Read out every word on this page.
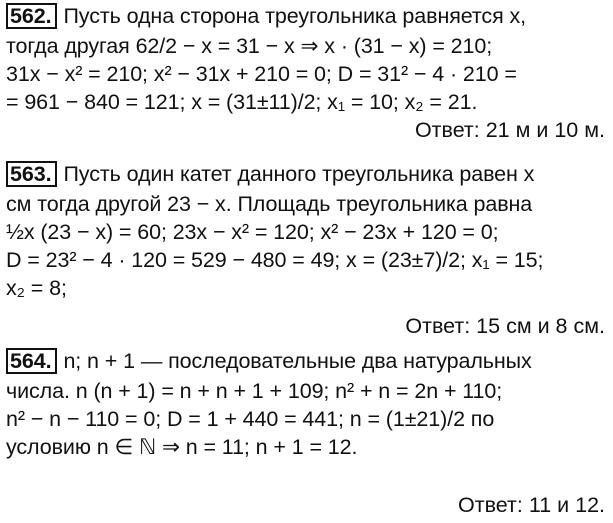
562. Пусть одна сторона треугольника равняется x,
тогда другая 62/2 − x = 31 − x ⇒ x · (31 − x) = 210;
31x − x² = 210; x² − 31x + 210 = 0; D = 31² − 4 · 210 =
= 961 − 840 = 121; x = (31±11)/2; x₁ = 10; x₂ = 21.
Ответ: 21 м и 10 м.
563. Пусть один катет данного треугольника равен x
см тогда другой 23 − x. Площадь треугольника равна
½x (23 − x) = 60; 23x − x² = 120; x² − 23x + 120 = 0;
D = 23² − 4 · 120 = 529 − 480 = 49; x = (23±7)/2; x₁ = 15;
x₂ = 8;
Ответ: 15 см и 8 см.
564. n; n + 1 — последовательные два натуральных
числа. n (n + 1) = n + n + 1 + 109; n² + n = 2n + 110;
n² − n − 110 = 0; D = 1 + 440 = 441; n = (1±21)/2 по
условию n ∈ ℕ ⇒ n = 11; n + 1 = 12.
Ответ: 11 и 12.
